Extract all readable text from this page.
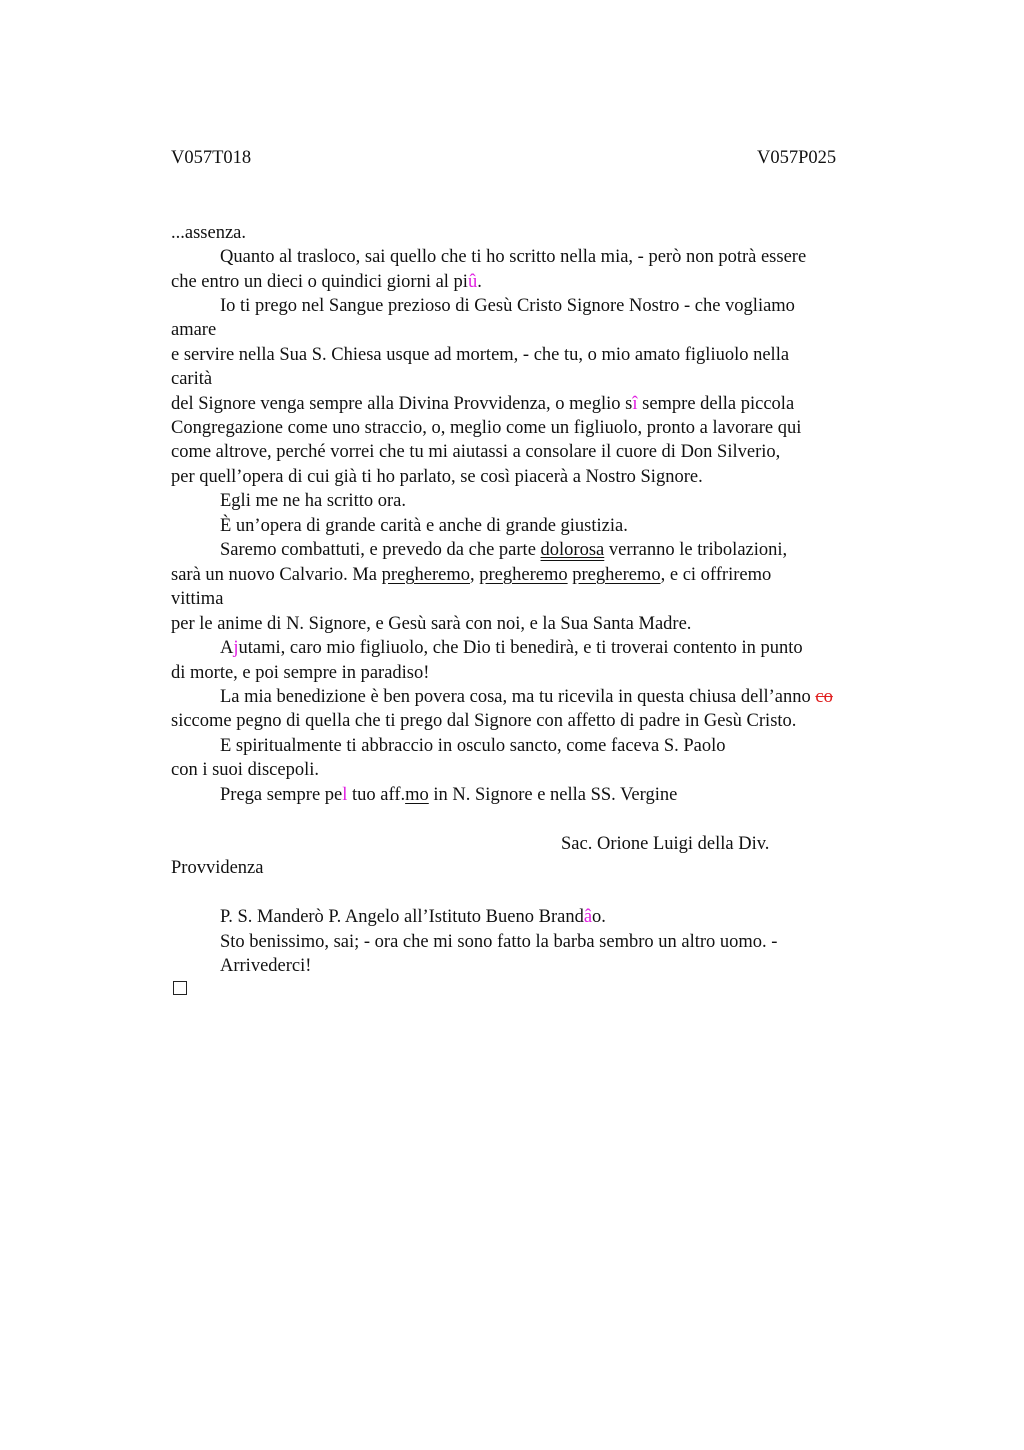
V057T018	V057P025
...assenza.
Quanto al trasloco, sai quello che ti ho scritto nella mia, - però non potrà essere
che entro un dieci o quindici giorni al piû.
Io ti prego nel Sangue prezioso di Gesù Cristo Signore Nostro - che vogliamo
amare
e servire nella Sua S. Chiesa usque ad mortem, - che tu, o mio amato figliuolo nella
carità
del Signore venga sempre alla Divina Provvidenza, o meglio sî sempre della piccola
Congregazione come uno straccio, o, meglio come un figliuolo, pronto a lavorare qui
come altrove, perché vorrei che tu mi aiutassi a consolare il cuore di Don Silverio,
per quell’opera di cui già ti ho parlato, se così piacerà a Nostro Signore.
Egli me ne ha scritto ora.
È un’opera di grande carità e anche di grande giustizia.
Saremo combattuti, e prevedo da che parte dolorosa verranno le tribolazioni,
sarà un nuovo Calvario. Ma pregheremo, pregheremo pregheremo, e ci offriremo
vittima
per le anime di N. Signore, e Gesù sarà con noi, e la Sua Santa Madre.
Ajutami, caro mio figliuolo, che Dio ti benedirà, e ti troverai contento in punto
di morte, e poi sempre in paradiso!
La mia benedizione è ben povera cosa, ma tu ricevila in questa chiusa dell’anno co
siccome pegno di quella che ti prego dal Signore con affetto di padre in Gesù Cristo.
E spiritualmente ti abbraccio in osculo sancto, come faceva S. Paolo
con i suoi discepoli.
Prega sempre pel tuo aff.mo in N. Signore e nella SS. Vergine
Sac. Orione Luigi della Div.
Provvidenza
P. S. Manderò P. Angelo all’Istituto Bueno Brandâo.
Sto benissimo, sai; - ora che mi sono fatto la barba sembro un altro uomo. -
Arrivederci!
